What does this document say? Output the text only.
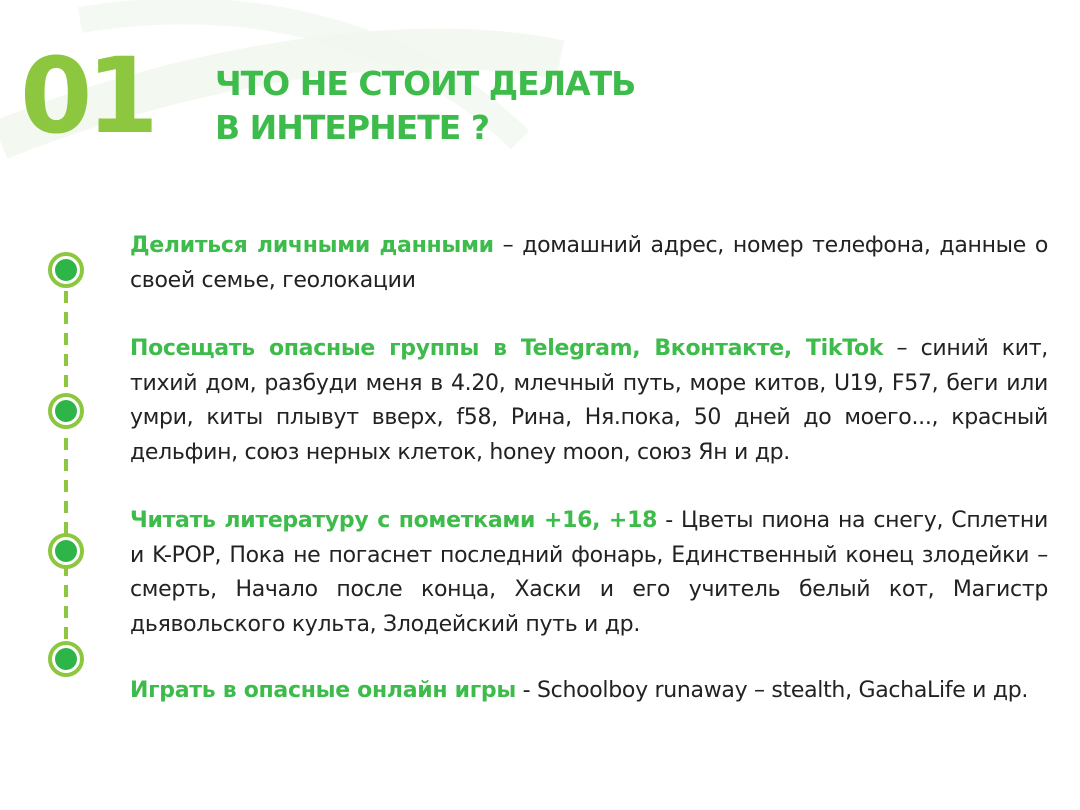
01 ЧТО НЕ СТОИТ ДЕЛАТЬ
В ИНТЕРНЕТЕ ?
Делиться личными данными – домашний адрес, номер телефона, данные о своей семье, геолокации
Посещать опасные группы в Telegram, Вконтакте, TikTok – синий кит, тихий дом, разбуди меня в 4.20, млечный путь, море китов, U19, F57, беги или умри, киты плывут вверх, f58, Рина, Ня.пока, 50 дней до моего..., красный дельфин, союз нерных клеток, honey moon, союз Ян и др.
Читать литературу с пометками +16, +18 - Цветы пиона на снегу, Сплетни и K-POP, Пока не погаснет последний фонарь, Единственный конец злодейки – смерть, Начало после конца, Хаски и его учитель белый кот, Магистр дьявольского культа, Злодейский путь и др.
Играть в опасные онлайн игры - Schoolboy runaway – stealth, GachaLife и др.
